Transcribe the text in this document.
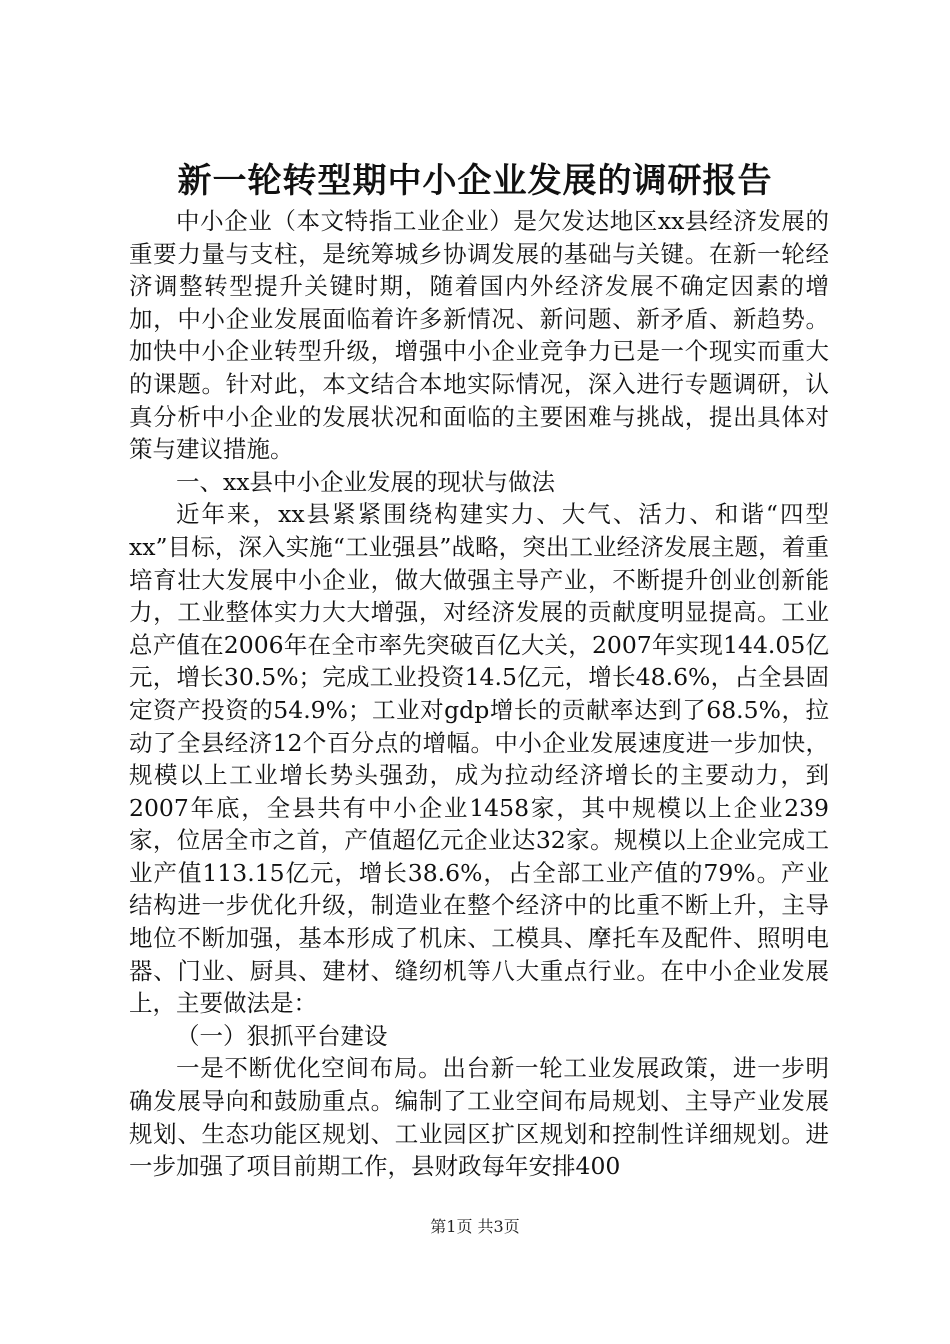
新一轮转型期中小企业发展的调研报告

中小企业（本文特指工业企业）是欠发达地区xx县经济发展的重要力量与支柱，是统筹城乡协调发展的基础与关键。在新一轮经济调整转型提升关键时期，随着国内外经济发展不确定因素的增加，中小企业发展面临着许多新情况、新问题、新矛盾、新趋势。加快中小企业转型升级，增强中小企业竞争力已是一个现实而重大的课题。针对此，本文结合本地实际情况，深入进行专题调研，认真分析中小企业的发展状况和面临的主要困难与挑战，提出具体对策与建议措施。

一、xx县中小企业发展的现状与做法

近年来，xx县紧紧围绕构建实力、大气、活力、和谐“四型xx”目标，深入实施“工业强县”战略，突出工业经济发展主题，着重培育壮大发展中小企业，做大做强主导产业，不断提升创业创新能力，工业整体实力大大增强，对经济发展的贡献度明显提高。工业总产值在2006年在全市率先突破百亿大关，2007年实现144.05亿元，增长30.5%；完成工业投资14.5亿元，增长48.6%，占全县固定资产投资的54.9%；工业对gdp增长的贡献率达到了68.5%，拉动了全县经济12个百分点的增幅。中小企业发展速度进一步加快，规模以上工业增长势头强劲，成为拉动经济增长的主要动力，到2007年底，全县共有中小企业1458家，其中规模以上企业239家，位居全市之首，产值超亿元企业达32家。规模以上企业完成工业产值113.15亿元，增长38.6%，占全部工业产值的79%。产业结构进一步优化升级，制造业在整个经济中的比重不断上升，主导地位不断加强，基本形成了机床、工模具、摩托车及配件、照明电器、门业、厨具、建材、缝纫机等八大重点行业。在中小企业发展上，主要做法是：

（一）狠抓平台建设

一是不断优化空间布局。出台新一轮工业发展政策，进一步明确发展导向和鼓励重点。编制了工业空间布局规划、主导产业发展规划、生态功能区规划、工业园区扩区规划和控制性详细规划。进一步加强了项目前期工作，县财政每年安排400

第1页 共3页
